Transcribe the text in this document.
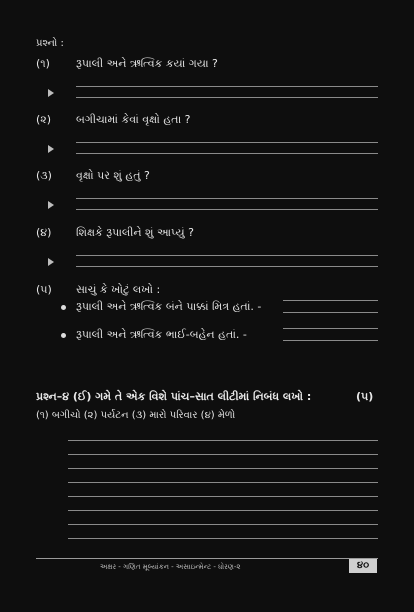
પ્રશ્નો :
(૧) રૂપાલી અને ઋત્વિક કયાં ગયા ?
(૨) બગીચામાં કેવાં વૃક્ષો હતા ?
(૩) વૃક્ષો પર શું હતું ?
(૪) શિક્ષકે રૂપાલીને શું આપ્યું ?
(૫) સાચું કે ખોટું લખો :
રૂપાલી અને ઋત્વિક બંને પાક્કાં મિત્ર હતાં. -
રૂપાલી અને ઋત્વિક ભાઈ-બહેન હતાં. -
પ્રશ્ન–૪ (ઈ) ગમે તે એક વિશે પાંચ–સાત લીટીમાં નિબંધ લખો :	(૫)
(૧) બગીચો (૨) પર્યટન (૩) મારો પરિવાર (૪) મેળો
અક્ષર - ગણિત મૂલ્યાંકન - અસાઇન્મેન્ટ - ધોરણ-૨	૪૦
